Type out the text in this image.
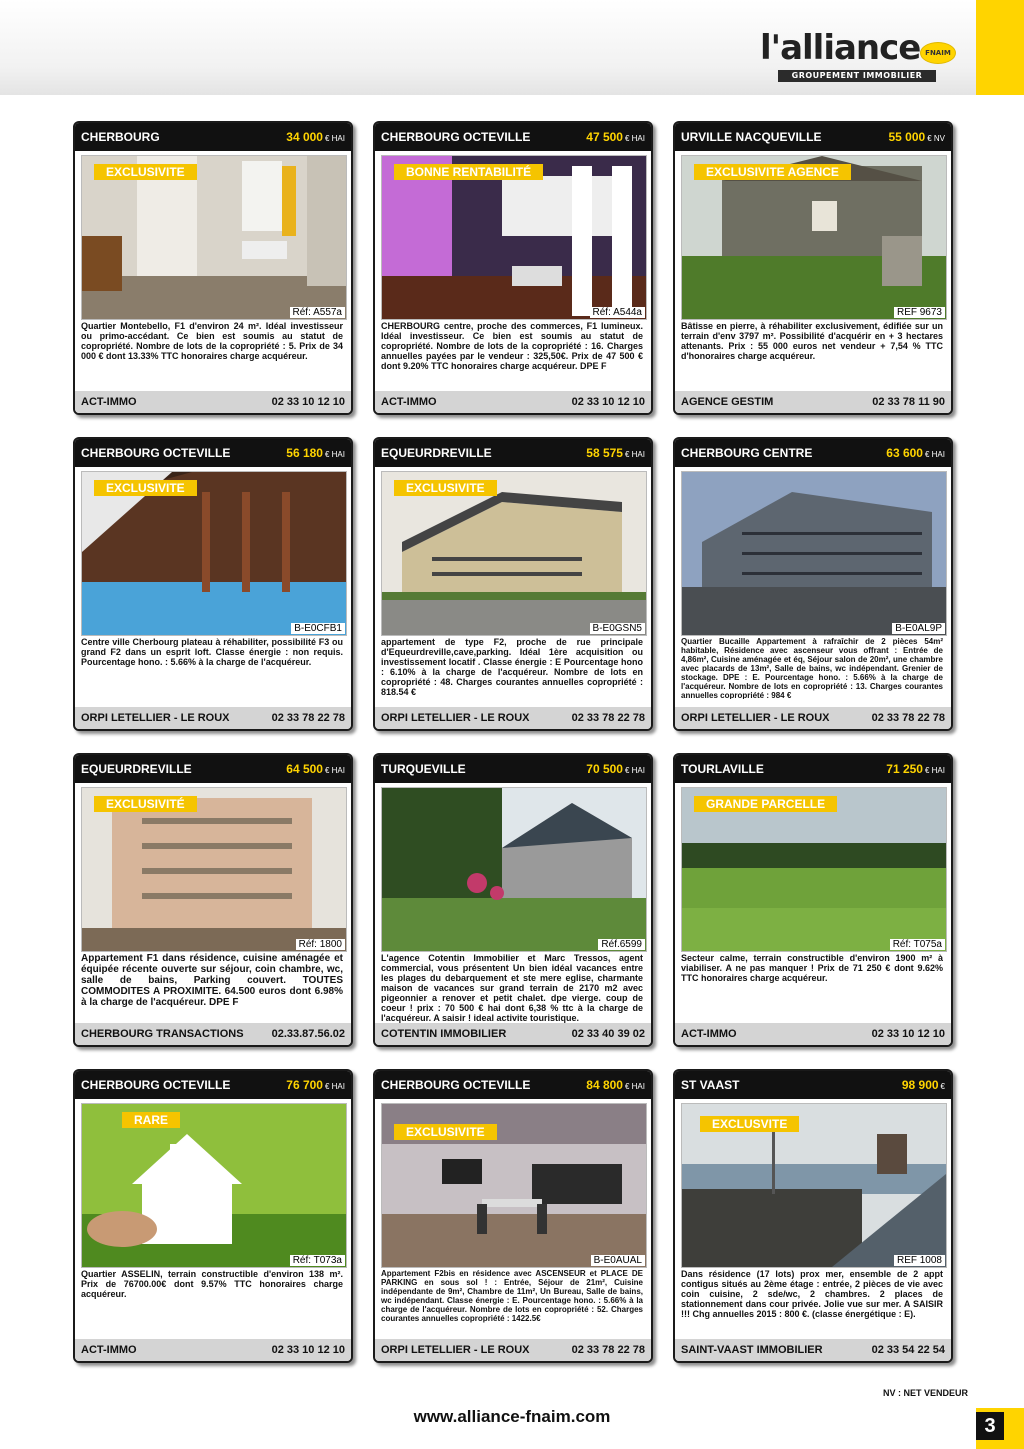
l'alliance FNAIM
GROUPEMENT IMMOBILIER
CHERBOURG	34 000 € HAI
EXCLUSIVITE
Réf: A557a
Quartier Montebello, F1 d'environ 24 m². Idéal investisseur ou primo-accédant. Ce bien est soumis au statut de copropriété. Nombre de lots de la copropriété : 5. Prix de 34 000 € dont 13.33% TTC honoraires charge acquéreur.
ACT-IMMO	02 33 10 12 10
CHERBOURG OCTEVILLE	47 500 € HAI
BONNE RENTABILITÉ
Réf: A544a
CHERBOURG centre, proche des commerces, F1 lumineux. Idéal investisseur. Ce bien est soumis au statut de copropriété. Nombre de lots de la copropriété : 16. Charges annuelles payées par le vendeur : 325,50€. Prix de 47 500 € dont 9.20% TTC honoraires charge acquéreur. DPE F
ACT-IMMO	02 33 10 12 10
URVILLE NACQUEVILLE	55 000 € NV
EXCLUSIVITE AGENCE
REF 9673
Bâtisse en pierre, à réhabiliter exclusivement, édifiée sur un terrain d'env 3797 m². Possibilité d'acquérir en + 3 hectares attenants. Prix : 55 000 euros net vendeur + 7,54 % TTC d'honoraires charge acquéreur.
AGENCE GESTIM	02 33 78 11 90
CHERBOURG OCTEVILLE	56 180 € HAI
EXCLUSIVITE
B-E0CFB1
Centre ville Cherbourg plateau à réhabiliter, possibilité F3 ou grand F2 dans un esprit loft. Classe énergie : non requis. Pourcentage hono. : 5.66% à la charge de l'acquéreur.
ORPI LETELLIER - LE ROUX	02 33 78 22 78
EQUEURDREVILLE	58 575 € HAI
EXCLUSIVITE
B-E0GSN5
appartement de type F2, proche de rue principale d'Equeurdreville,cave,parking. Idéal 1ère acquisition ou investissement locatif . Classe énergie : E Pourcentage hono : 6.10% à la charge de l'acquéreur. Nombre de lots en copropriété : 48. Charges courantes annuelles copropriété : 818.54 €
ORPI LETELLIER - LE ROUX	02 33 78 22 78
CHERBOURG CENTRE	63 600 € HAI
B-E0AL9P
Quartier Bucaille Appartement à rafraîchir de 2 pièces 54m² habitable, Résidence avec ascenseur vous offrant : Entrée de 4,86m², Cuisine aménagée et éq, Séjour salon de 20m², une chambre avec placards de 13m², Salle de bains, wc indépendant. Grenier de stockage. DPE : E. Pourcentage hono. : 5.66% à la charge de l'acquéreur. Nombre de lots en copropriété : 13. Charges courantes annuelles copropriété : 984 €
ORPI LETELLIER - LE ROUX	02 33 78 22 78
EQUEURDREVILLE	64 500 € HAI
EXCLUSIVITÉ
Réf: 1800
Appartement F1 dans résidence, cuisine aménagée et équipée récente ouverte sur séjour, coin chambre, wc, salle de bains, Parking couvert. TOUTES COMMODITES A PROXIMITE. 64.500 euros dont 6.98% à la charge de l'acquéreur. DPE F
CHERBOURG TRANSACTIONS	02.33.87.56.02
TURQUEVILLE	70 500 € HAI
Réf.6599
L'agence Cotentin Immobilier et Marc Tressos, agent commercial, vous présentent Un bien idéal vacances entre les plages du debarquement et ste mere eglise, charmante maison de vacances sur grand terrain de 2170 m2 avec pigeonnier a renover et petit chalet. dpe vierge. coup de coeur ! prix : 70 500 € hai dont 6,38 % ttc à la charge de l'acquéreur. A saisir ! ideal activite touristique.
COTENTIN IMMOBILIER	02 33 40 39 02
TOURLAVILLE	71 250 € HAI
GRANDE PARCELLE
Réf: T075a
Secteur calme, terrain constructible d'environ 1900 m² à viabiliser. A ne pas manquer ! Prix de 71 250 € dont 9.62% TTC honoraires charge acquéreur.
ACT-IMMO	02 33 10 12 10
CHERBOURG OCTEVILLE	76 700 € HAI
RARE
Réf: T073a
Quartier ASSELIN, terrain constructible d'environ 138 m². Prix de 76700.00€ dont 9.57% TTC honoraires charge acquéreur.
ACT-IMMO	02 33 10 12 10
CHERBOURG OCTEVILLE	84 800 € HAI
EXCLUSIVITE
B-E0AUAL
Appartement F2bis en résidence avec ASCENSEUR et PLACE DE PARKING en sous sol ! : Entrée, Séjour de 21m², Cuisine indépendante de 9m², Chambre de 11m², Un Bureau, Salle de bains, wc indépendant. Classe énergie : E. Pourcentage hono. : 5.66% à la charge de l'acquéreur. Nombre de lots en copropriété : 52. Charges courantes annuelles copropriété : 1422.5€
ORPI LETELLIER - LE ROUX	02 33 78 22 78
ST VAAST	98 900 €
EXCLUSVITE
REF 1008
Dans résidence (17 lots) prox mer, ensemble de 2 appt contigus situés au 2ème étage : entrée, 2 pièces de vie avec coin cuisine, 2 sde/wc, 2 chambres. 2 places de stationnement dans cour privée. Jolie vue sur mer. A SAISIR !!! Chg annuelles 2015 : 800 €. (classe énergétique : E).
SAINT-VAAST IMMOBILIER	02 33 54 22 54
NV : NET VENDEUR
www.alliance-fnaim.com	3
